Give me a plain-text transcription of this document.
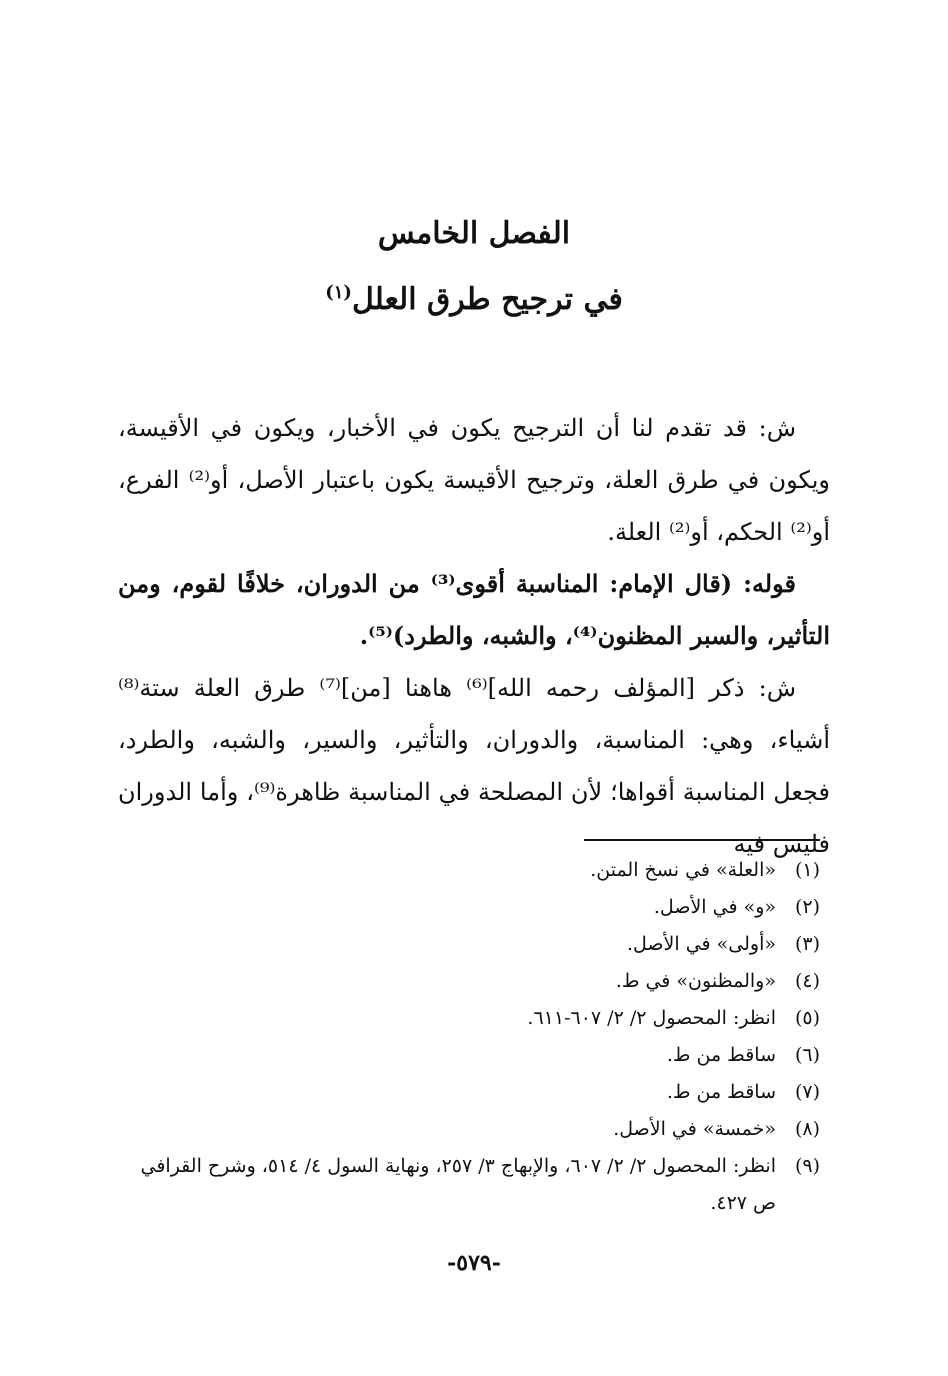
الفصل الخامس
في ترجيح طرق العلل$^{(١)}$

ش: قد تقدم لنا أن الترجيح يكون في الأخبار، ويكون في الأقيسة، ويكون في طرق العلة، وترجيح الأقيسة يكون باعتبار الأصل، أو⁽²⁾ الفرع، أو⁽²⁾ الحكم، أو⁽²⁾ العلة.

قوله: (قال الإمام: المناسبة أقوى⁽³⁾ من الدوران، خلافًا لقوم، ومن التأثير، والسبر المظنون⁽⁴⁾، والشبه، والطرد)⁽⁵⁾.

ش: ذكر [المؤلف رحمه الله]⁽⁶⁾ هاهنا [من]⁽⁷⁾ طرق العلة ستة⁽⁸⁾ أشياء، وهي: المناسبة، والدوران، والتأثير، والسير، والشبه، والطرد، فجعل المناسبة أقواها؛ لأن المصلحة في المناسبة ظاهرة⁽⁹⁾، وأما الدوران فليس فيه

(١)
«العلة» في نسخ المتن.
(٢)
«و» في الأصل.
(٣)
«أولى» في الأصل.
(٤)
«والمظنون» في ط.
(٥)
انظر: المحصول ٢/ ٢/ ٦٠٧-٦١١.
(٦)
ساقط من ط.
(٧)
ساقط من ط.
(٨)
«خمسة» في الأصل.
(٩)
انظر: المحصول ٢/ ٢/ ٦٠٧، والإبهاج ٣/ ٢٥٧، ونهاية السول ٤/ ٥١٤، وشرح القرافي ص ٤٢٧.
-٥٧٩-
